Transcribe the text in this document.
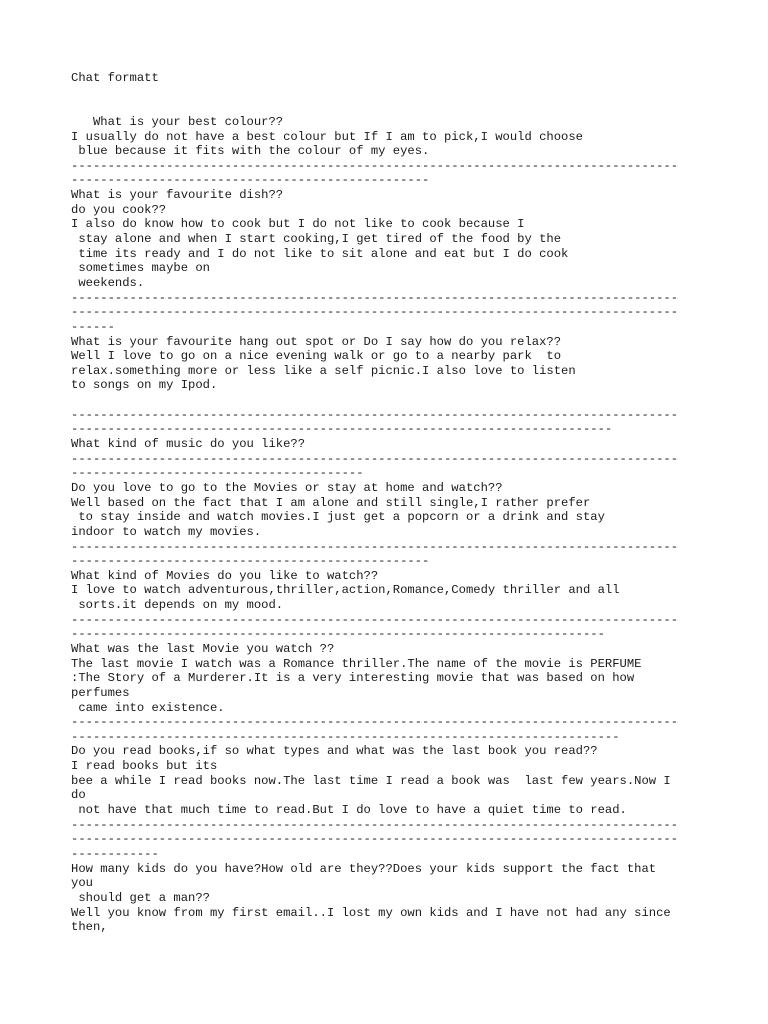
Chat formatt
What is your best colour??
I usually do not have a best colour but If I am to pick,I would choose
blue because it fits with the colour of my eyes.
-----------------------------------------------------------------------------------
-------------------------------------------------
What is your favourite dish??
do you cook??
I also do know how to cook but I do not like to cook because I
stay alone and when I start cooking,I get tired of the food by the
time its ready and I do not like to sit alone and eat but I do cook
sometimes maybe on
weekends.
-----------------------------------------------------------------------------------
-----------------------------------------------------------------------------------
------
What is your favourite hang out spot or Do I say how do you relax??
Well I love to go on a nice evening walk or go to a nearby park  to
relax.something more or less like a self picnic.I also love to listen
to songs on my Ipod.
-----------------------------------------------------------------------------------
--------------------------------------------------------------------------
What kind of music do you like??
-----------------------------------------------------------------------------------
----------------------------------------
Do you love to go to the Movies or stay at home and watch??
Well based on the fact that I am alone and still single,I rather prefer
to stay inside and watch movies.I just get a popcorn or a drink and stay
indoor to watch my movies.
-----------------------------------------------------------------------------------
-------------------------------------------------
What kind of Movies do you like to watch??
I love to watch adventurous,thriller,action,Romance,Comedy thriller and all
sorts.it depends on my mood.
-----------------------------------------------------------------------------------
-------------------------------------------------------------------------
What was the last Movie you watch ??
The last movie I watch was a Romance thriller.The name of the movie is PERFUME
:The Story of a Murderer.It is a very interesting movie that was based on how
perfumes
came into existence.
-----------------------------------------------------------------------------------
---------------------------------------------------------------------------
Do you read books,if so what types and what was the last book you read??
I read books but its
bee a while I read books now.The last time I read a book was  last few years.Now I
do
not have that much time to read.But I do love to have a quiet time to read.
-----------------------------------------------------------------------------------
-----------------------------------------------------------------------------------
------------
How many kids do you have?How old are they??Does your kids support the fact that
you
should get a man??
Well you know from my first email..I lost my own kids and I have not had any since
then,
